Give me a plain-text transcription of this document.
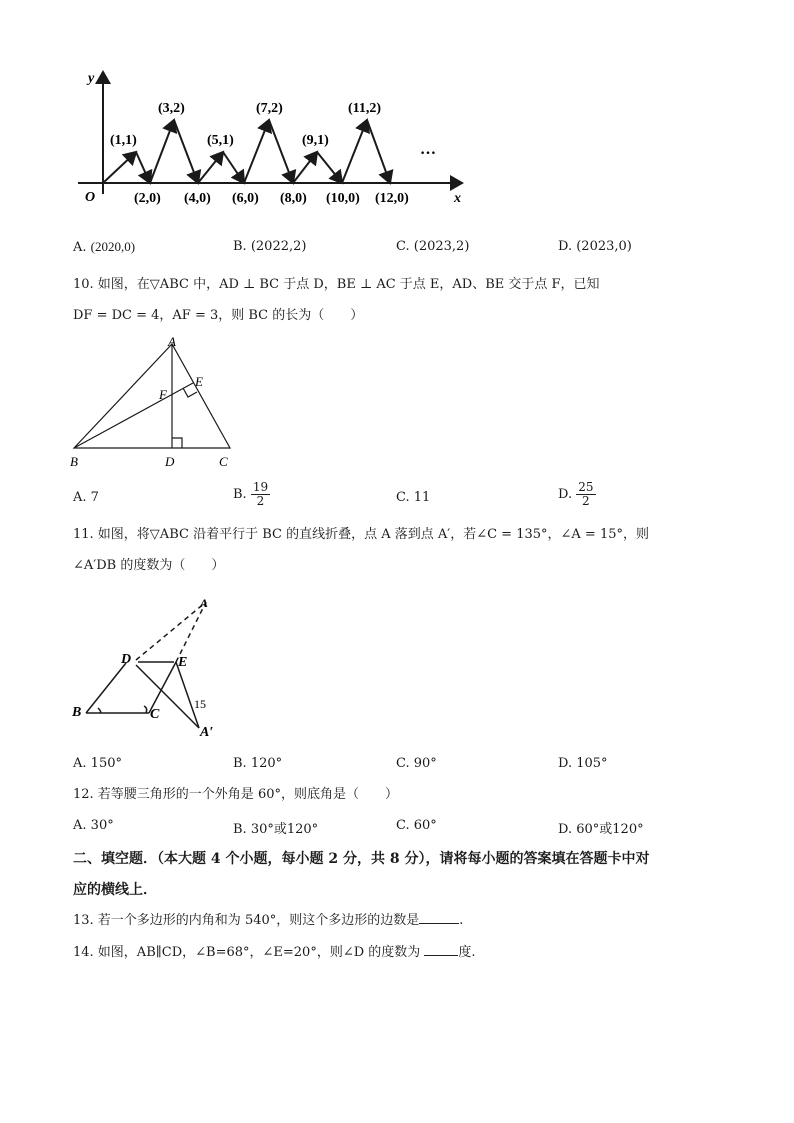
y
x
O
(1,1)
(3,2)
(5,1)
(7,2)
(9,1)
(11,2)
(2,0) (4,0) (6,0) (8,0) (10,0) (12,0)
…
A. (2020,0)	B. (2022,2)	C. (2023,2)	D. (2023,0)
10. 如图，在▽ABC 中，AD ⊥ BC 于点 D，BE ⊥ AC 于点 E，AD、BE 交于点 F，已知
DF = DC = 4，AF = 3，则 BC 的长为（　　）
A
E
F
B	D	C
A. 7	B. $\frac{19}{2}$	C. 11	D. $\frac{25}{2}$
11. 如图，将▽ABC 沿着平行于 BC 的直线折叠，点 A 落到点 A′，若∠C = 135°，∠A = 15°，则
∠A′DB 的度数为（　　）
A
D	E
B	C
15
A′
A. 150°	B. 120°	C. 90°	D. 105°
12. 若等腰三角形的一个外角是 60°，则底角是（　　）
A. 30°	B. 30°或120°	C. 60°	D. 60°或120°
二、填空题．（本大题 4 个小题，每小题 2 分，共 8 分），请将每小题的答案填在答题卡中对
应的横线上．
13. 若一个多边形的内角和为 540°，则这个多边形的边数是	.
14. 如图，AB∥CD，∠B=68°，∠E=20°，则∠D 的度数为	度.
